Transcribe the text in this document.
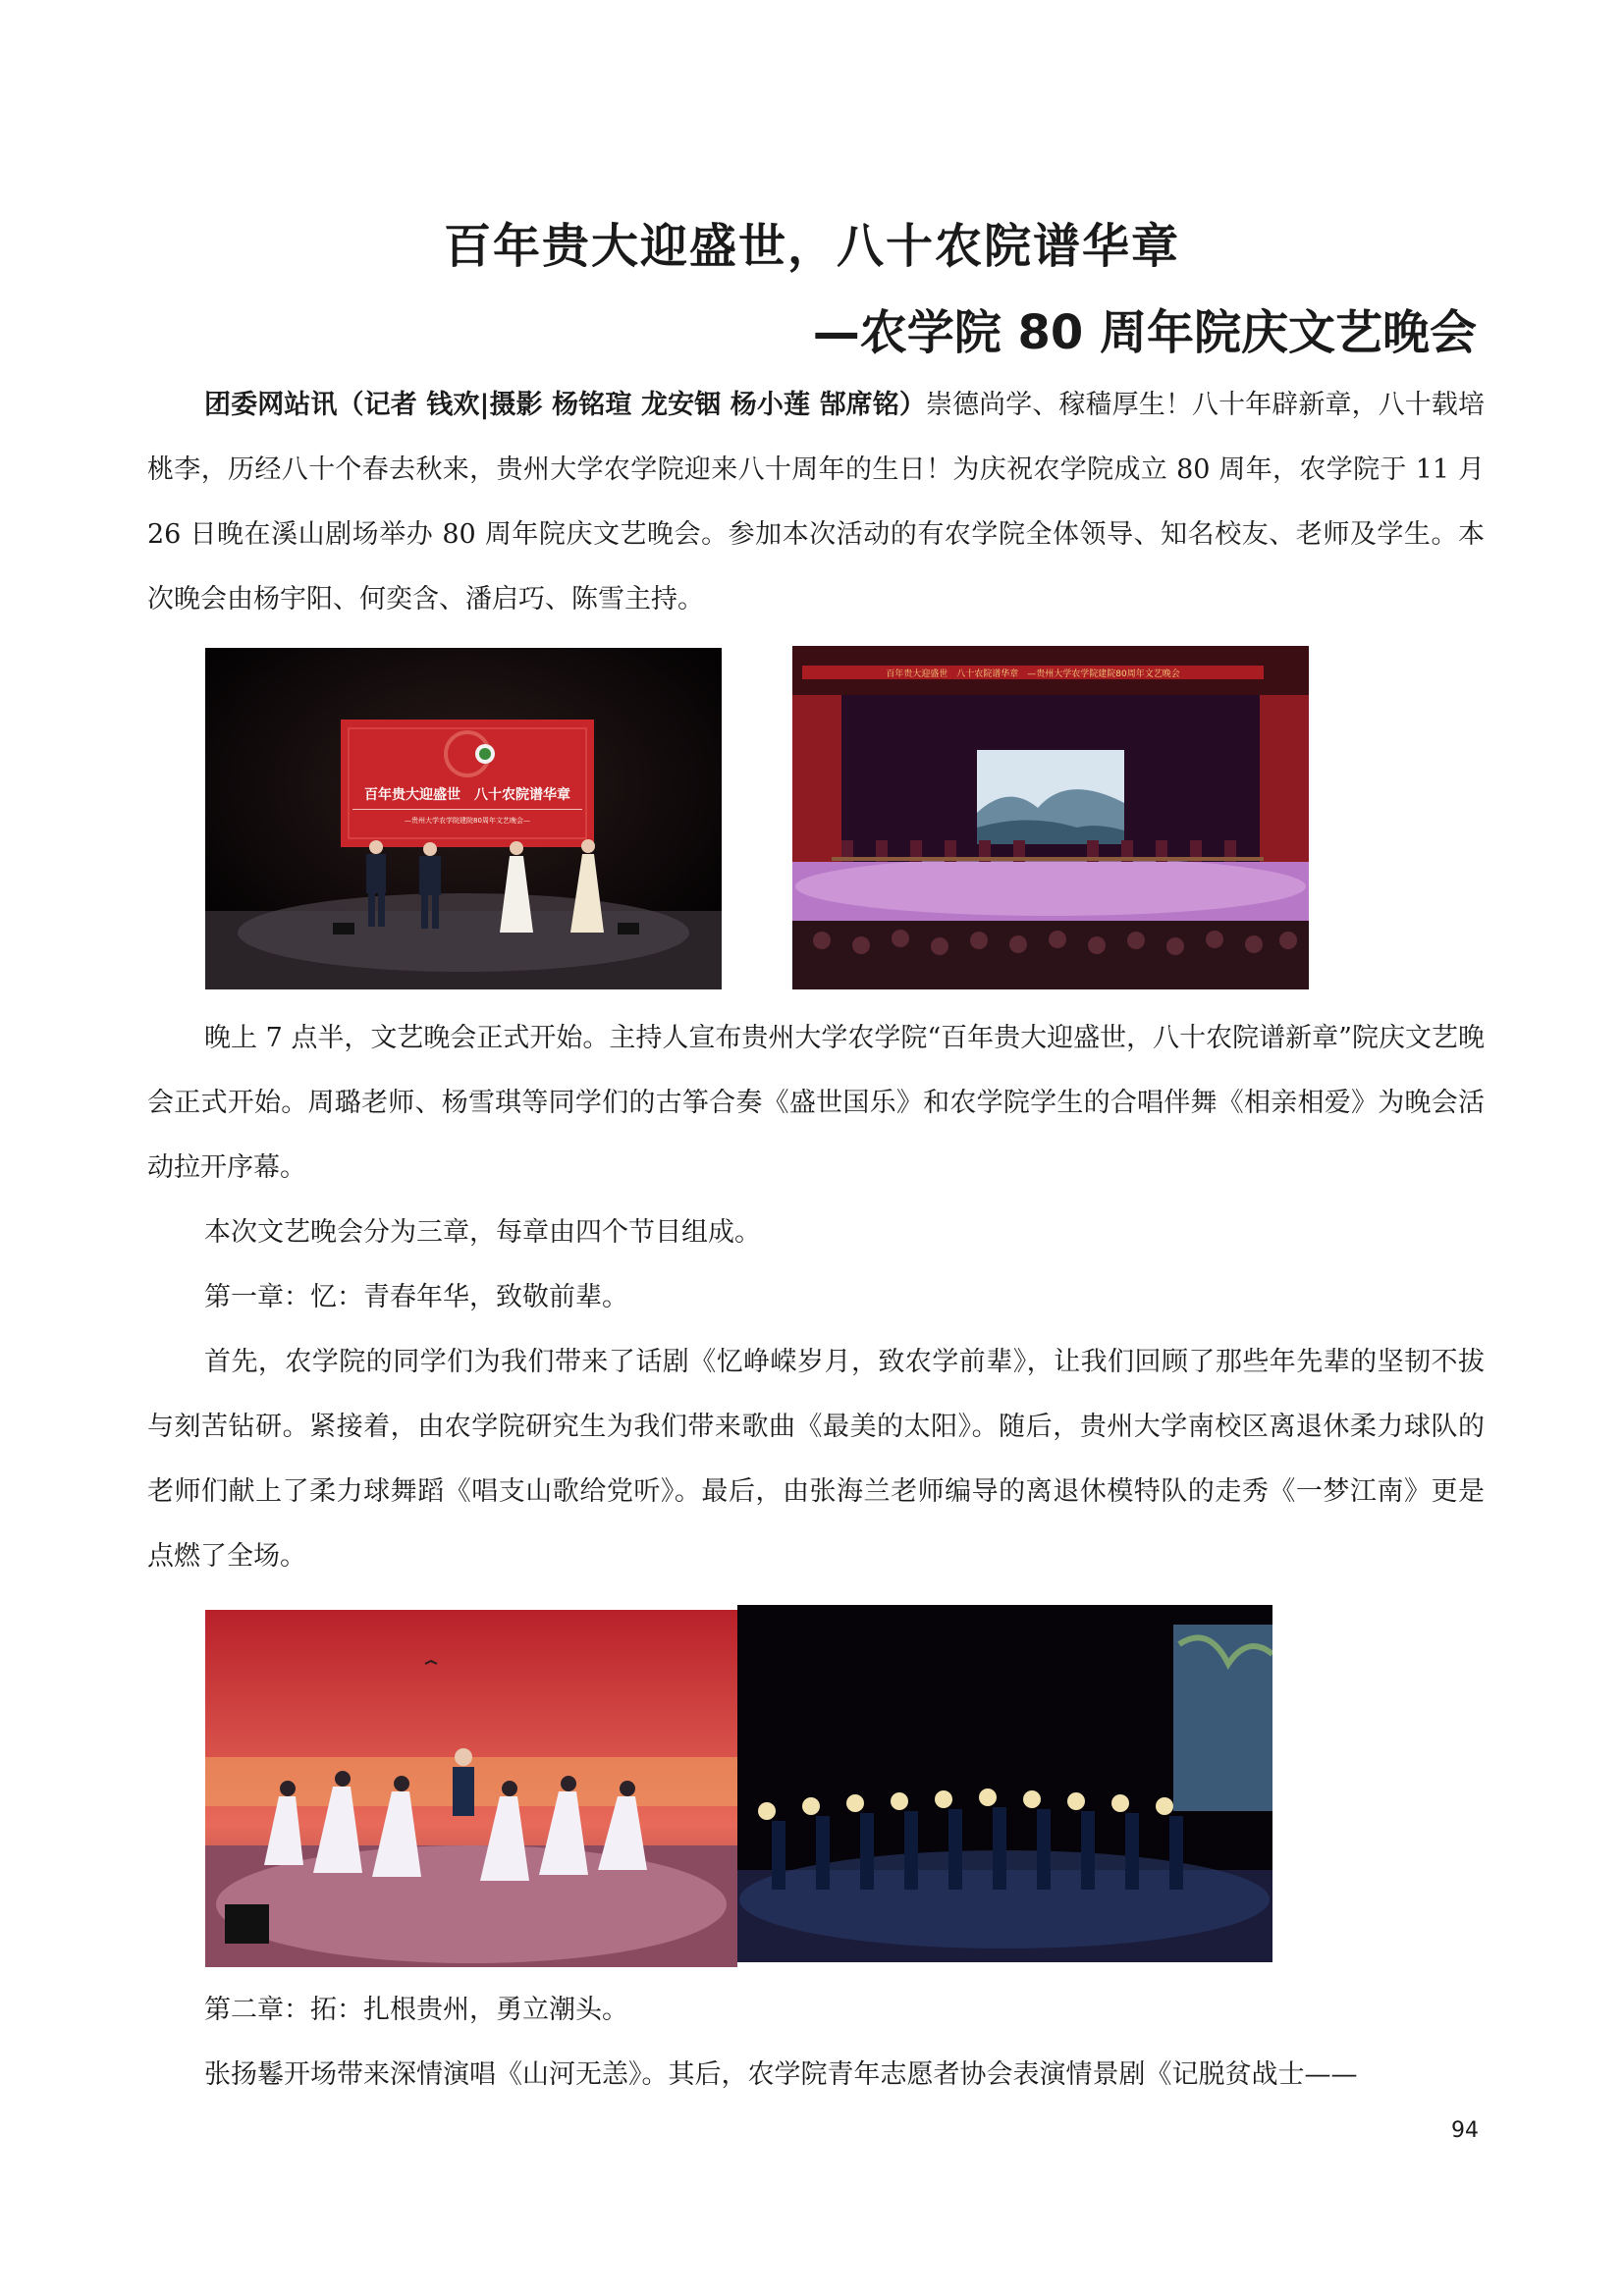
百年贵大迎盛世，八十农院谱华章
—农学院 80 周年院庆文艺晚会

团委网站讯（记者 钱欢|摄影 杨铭瑄 龙安铟 杨小莲 郜席铭）崇德尚学、稼穑厚生！八十年辟新章，八十载培桃李，历经八十个春去秋来，贵州大学农学院迎来八十周年的生日！为庆祝农学院成立 80 周年，农学院于 11 月 26 日晚在溪山剧场举办 80 周年院庆文艺晚会。参加本次活动的有农学院全体领导、知名校友、老师及学生。本次晚会由杨宇阳、何奕含、潘启巧、陈雪主持。

百年贵大迎盛世　八十农院谱华章
—贵州大学农学院建院80周年文艺晚会—
百年贵大迎盛世　八十农院谱华章　—贵州大学农学院建院80周年文艺晚会

晚上 7 点半，文艺晚会正式开始。主持人宣布贵州大学农学院“百年贵大迎盛世，八十农院谱新章”院庆文艺晚会正式开始。周璐老师、杨雪琪等同学们的古筝合奏《盛世国乐》和农学院学生的合唱伴舞《相亲相爱》为晚会活动拉开序幕。

本次文艺晚会分为三章，每章由四个节目组成。

第一章：忆：青春年华，致敬前辈。

首先，农学院的同学们为我们带来了话剧《忆峥嵘岁月，致农学前辈》，让我们回顾了那些年先辈的坚韧不拔与刻苦钻研。紧接着，由农学院研究生为我们带来歌曲《最美的太阳》。随后，贵州大学南校区离退休柔力球队的老师们献上了柔力球舞蹈《唱支山歌给党听》。最后，由张海兰老师编导的离退休模特队的走秀《一梦江南》更是点燃了全场。

第二章：拓：扎根贵州，勇立潮头。

张扬鬈开场带来深情演唱《山河无恙》。其后，农学院青年志愿者协会表演情景剧《记脱贫战士——

94
